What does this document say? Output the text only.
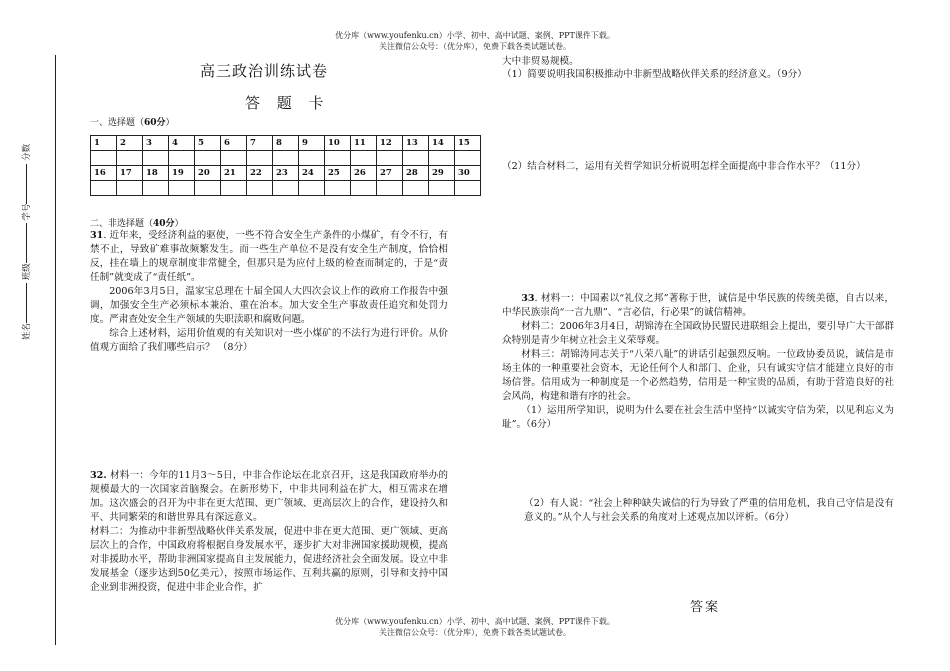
优分库（www.youfenku.cn）小学、初中、高中试题、案例、PPT课件下载。
关注微信公众号：（优分库），免费下载各类试题试卷。
姓名 班级 学号 分数
高三政治训练试卷
答 题 卡
一、选择题（60分）
1	2	3	4	5	6	7	8	9	10	11	12	13	14	15

16	17	18	19	20	21	22	23	24	25	26	27	28	29	30

二、非选择题（40分）

31. 近年来，受经济利益的驱使，一些不符合安全生产条件的小煤矿，有令不行，有禁不止，导致矿难事故频繁发生。而一些生产单位不是没有安全生产制度，恰恰相反，挂在墙上的规章制度非常健全，但那只是为应付上级的检查而制定的，于是“责任制”就变成了“责任纸”。

2006年3月5日，温家宝总理在十届全国人大四次会议上作的政府工作报告中强调，加强安全生产必须标本兼治、重在治本。加大安全生产事故责任追究和处罚力度。严肃查处安全生产领域的失职渎职和腐败问题。

综合上述材料，运用价值观的有关知识对一些小煤矿的不法行为进行评价。从价值观方面给了我们哪些启示？ （8分）

32. 材料一：今年的11月3～5日，中非合作论坛在北京召开，这是我国政府举办的规模最大的一次国家首脑聚会。在新形势下，中非共同利益在扩大，相互需求在增加。这次盛会的召开为中非在更大范围、更广领域、更高层次上的合作，建设持久和平、共同繁荣的和谐世界具有深远意义。

材料二：为推动中非新型战略伙伴关系发展，促进中非在更大范围、更广领域、更高层次上的合作，中国政府将根据自身发展水平，逐步扩大对非洲国家援助规模，提高对非援助水平，帮助非洲国家提高自主发展能力，促进经济社会全面发展。设立中非发展基金（逐步达到50亿美元），按照市场运作、互利共赢的原则，引导和支持中国企业到非洲投资，促进中非企业合作，扩

大中非贸易规模。
（1）简要说明我国积极推动中非新型战略伙伴关系的经济意义。（9分）
（2）结合材料二，运用有关哲学知识分析说明怎样全面提高中非合作水平？（11分）

33. 材料一：中国素以“礼仪之邦”著称于世，诚信是中华民族的传统美德，自古以来，中华民族崇尚“一言九鼎”、“言必信，行必果”的诚信精神。

材料二：2006年3月4日，胡锦涛在全国政协民盟民进联组会上提出，要引导广大干部群众特别是青少年树立社会主义荣辱观。

材料三：胡锦涛同志关于“八荣八耻”的讲话引起强烈反响。一位政协委员说，诚信是市场主体的一种重要社会资本，无论任何个人和部门、企业，只有诚实守信才能建立良好的市场信誉。信用成为一种制度是一个必然趋势，信用是一种宝贵的品质，有助于营造良好的社会风尚，构建和谐有序的社会。

（1）运用所学知识，说明为什么要在社会生活中坚持“以诚实守信为荣，以见利忘义为耻”。（6分）

（2）有人说：“社会上种种缺失诚信的行为导致了严重的信用危机，我自己守信是没有意义的。”从个人与社会关系的角度对上述观点加以评析。（6分）
答案
优分库（www.youfenku.cn）小学、初中、高中试题、案例、PPT课件下载。
关注微信公众号：（优分库），免费下载各类试题试卷。
